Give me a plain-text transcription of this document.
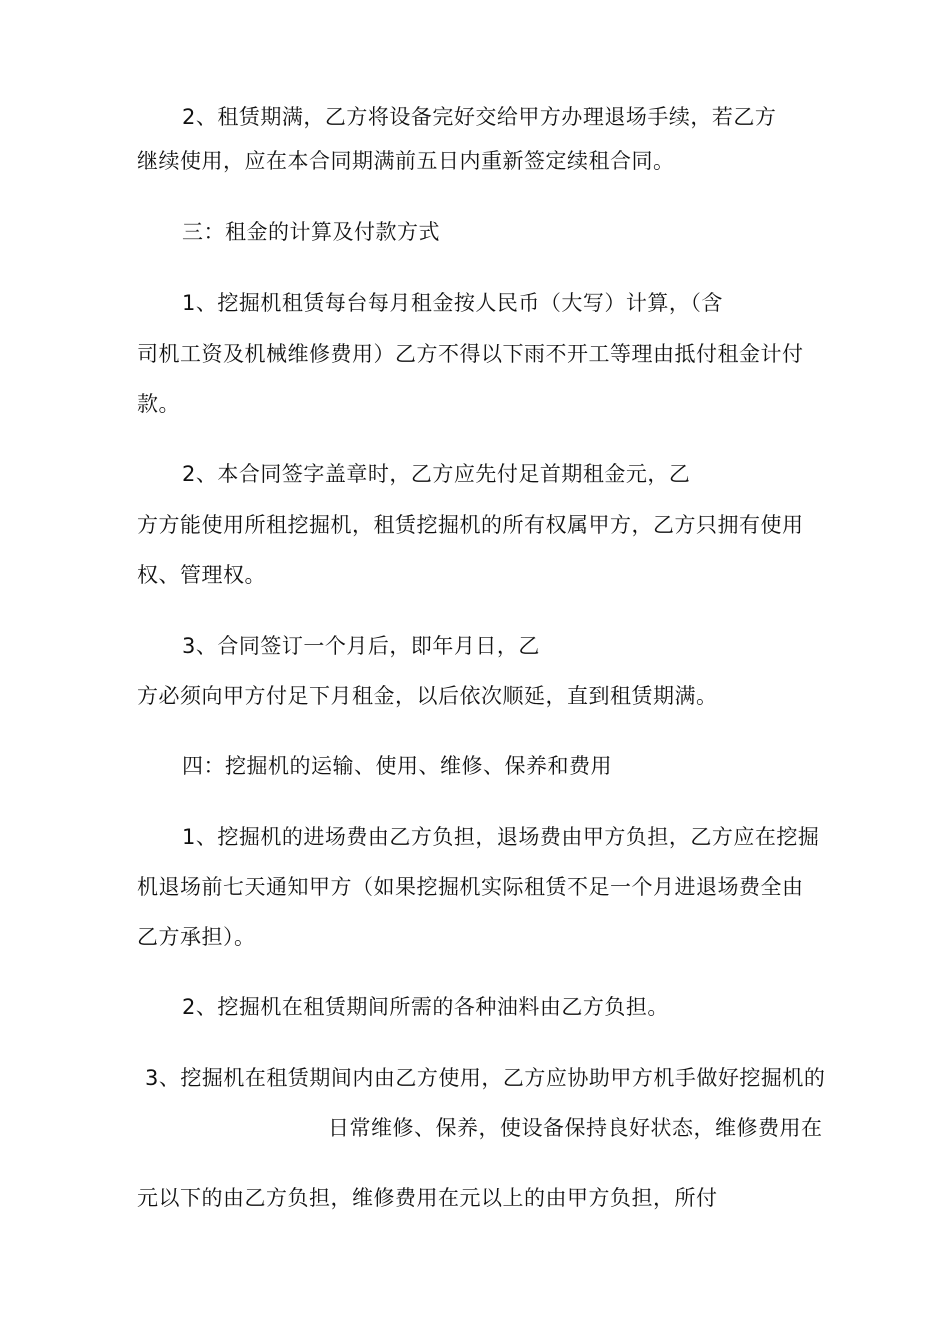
2、租赁期满，乙方将设备完好交给甲方办理退场手续，若乙方
继续使用，应在本合同期满前五日内重新签定续租合同。
三：租金的计算及付款方式
1、挖掘机租赁每台每月租金按人民币（大写）计算，（含
司机工资及机械维修费用）乙方不得以下雨不开工等理由抵付租金计付
款。
2、本合同签字盖章时，乙方应先付足首期租金元，乙
方方能使用所租挖掘机，租赁挖掘机的所有权属甲方，乙方只拥有使用
权、管理权。
3、合同签订一个月后，即年月日，乙
方必须向甲方付足下月租金，以后依次顺延，直到租赁期满。
四：挖掘机的运输、使用、维修、保养和费用
1、挖掘机的进场费由乙方负担，退场费由甲方负担，乙方应在挖掘
机退场前七天通知甲方（如果挖掘机实际租赁不足一个月进退场费全由
乙方承担）。
2、挖掘机在租赁期间所需的各种油料由乙方负担。
3、挖掘机在租赁期间内由乙方使用，乙方应协助甲方机手做好挖掘机的
日常维修、保养，使设备保持良好状态，维修费用在
元以下的由乙方负担，维修费用在元以上的由甲方负担，所付
